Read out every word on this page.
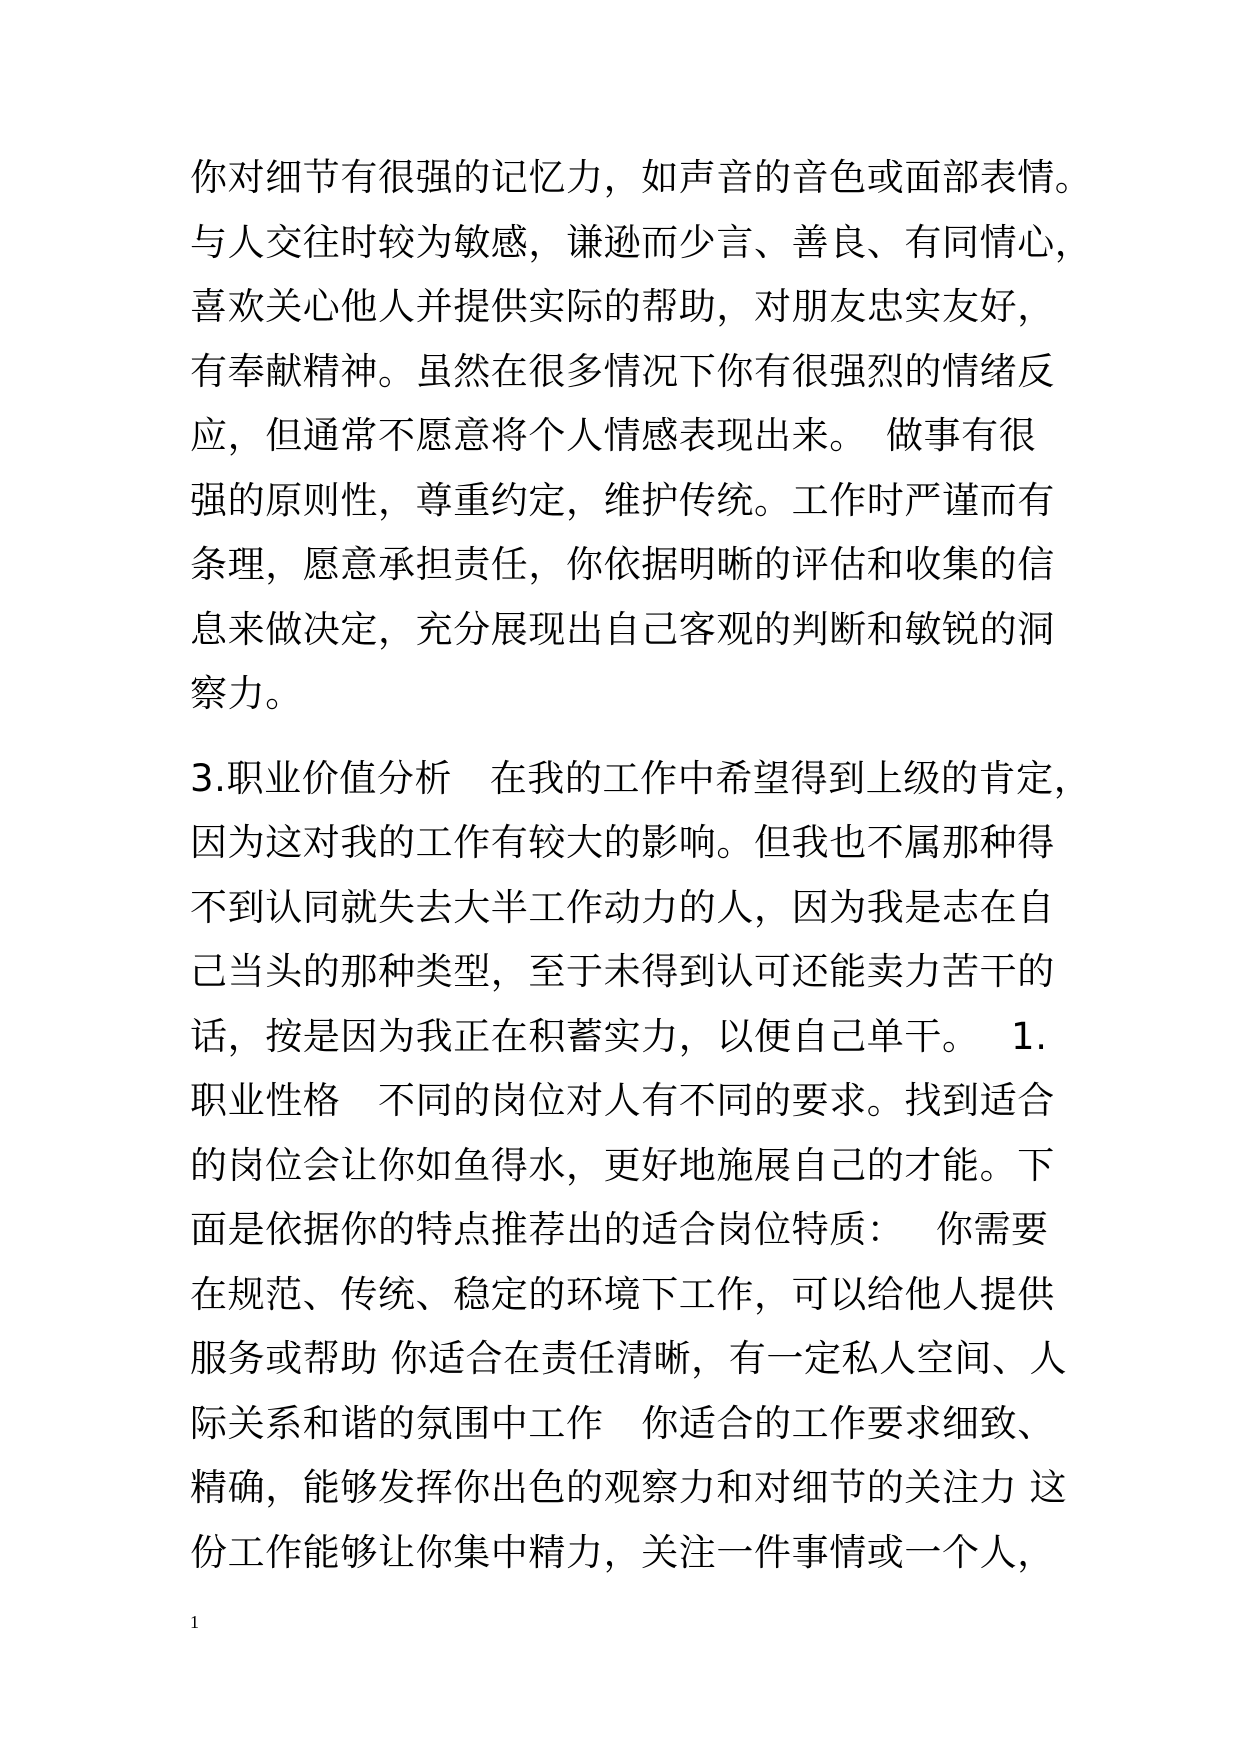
你对细节有很强的记忆力，如声音的音色或面部表情。
与人交往时较为敏感，谦逊而少言、善良、有同情心，
喜欢关心他人并提供实际的帮助，对朋友忠实友好，
有奉献精神。虽然在很多情况下你有很强烈的情绪反
应，但通常不愿意将个人情感表现出来。　做事有很
强的原则性，尊重约定，维护传统。工作时严谨而有
条理，愿意承担责任，你依据明晰的评估和收集的信
息来做决定，充分展现出自己客观的判断和敏锐的洞
察力。
3.职业价值分析　在我的工作中希望得到上级的肯定，
因为这对我的工作有较大的影响。但我也不属那种得
不到认同就失去大半工作动力的人，因为我是志在自
己当头的那种类型，至于未得到认可还能卖力苦干的
话，按是因为我正在积蓄实力，以便自己单干。　 1.
职业性格　不同的岗位对人有不同的要求。找到适合
的岗位会让你如鱼得水，更好地施展自己的才能。下
面是依据你的特点推荐出的适合岗位特质：　 你需要
在规范、传统、稳定的环境下工作，可以给他人提供
服务或帮助 你适合在责任清晰，有一定私人空间、人
际关系和谐的氛围中工作　你适合的工作要求细致、
精确，能够发挥你出色的观察力和对细节的关注力 这
份工作能够让你集中精力，关注一件事情或一个人，
1
